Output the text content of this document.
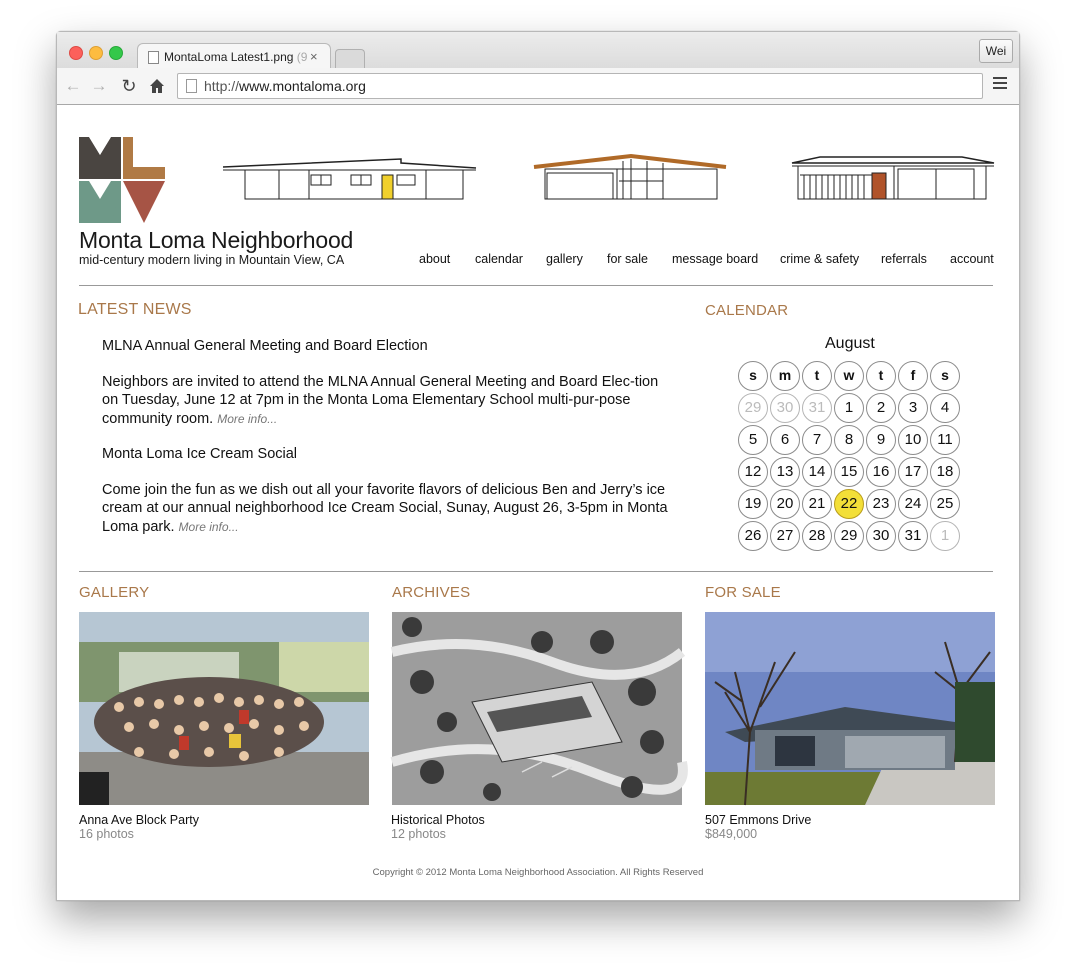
MontaLoma Latest1.png (9 ×	Wei
← → ↻	http://www.montaloma.org
Monta Loma Neighborhood
mid-century modern living in Mountain View, CA	about calendar gallery for sale message board crime & safety referrals account
LATEST NEWS
MLNA Annual General Meeting and Board Election
Neighbors are invited to attend the MLNA Annual General Meeting and Board Elec-tion on Tuesday, June 12 at 7pm in the Monta Loma Elementary School multi-pur-pose community room. More info...
Monta Loma Ice Cream Social
Come join the fun as we dish out all your favorite flavors of delicious Ben and Jerry’s ice cream at our annual neighborhood Ice Cream Social, Sunay, August 26, 3-5pm in Monta Loma park. More info...
CALENDAR
August
s	m	t	w	t	f	s
29	30	31	1	2	3	4
5	6	7	8	9	10	11
12	13	14	15	16	17	18
19	20	21	22	23	24	25
26	27	28	29	30	31	1
GALLERY
Anna Ave Block Party
16 photos
ARCHIVES
Historical Photos
12 photos
FOR SALE
507 Emmons Drive
$849,000
Copyright © 2012 Monta Loma Neighborhood Association. All Rights Reserved
